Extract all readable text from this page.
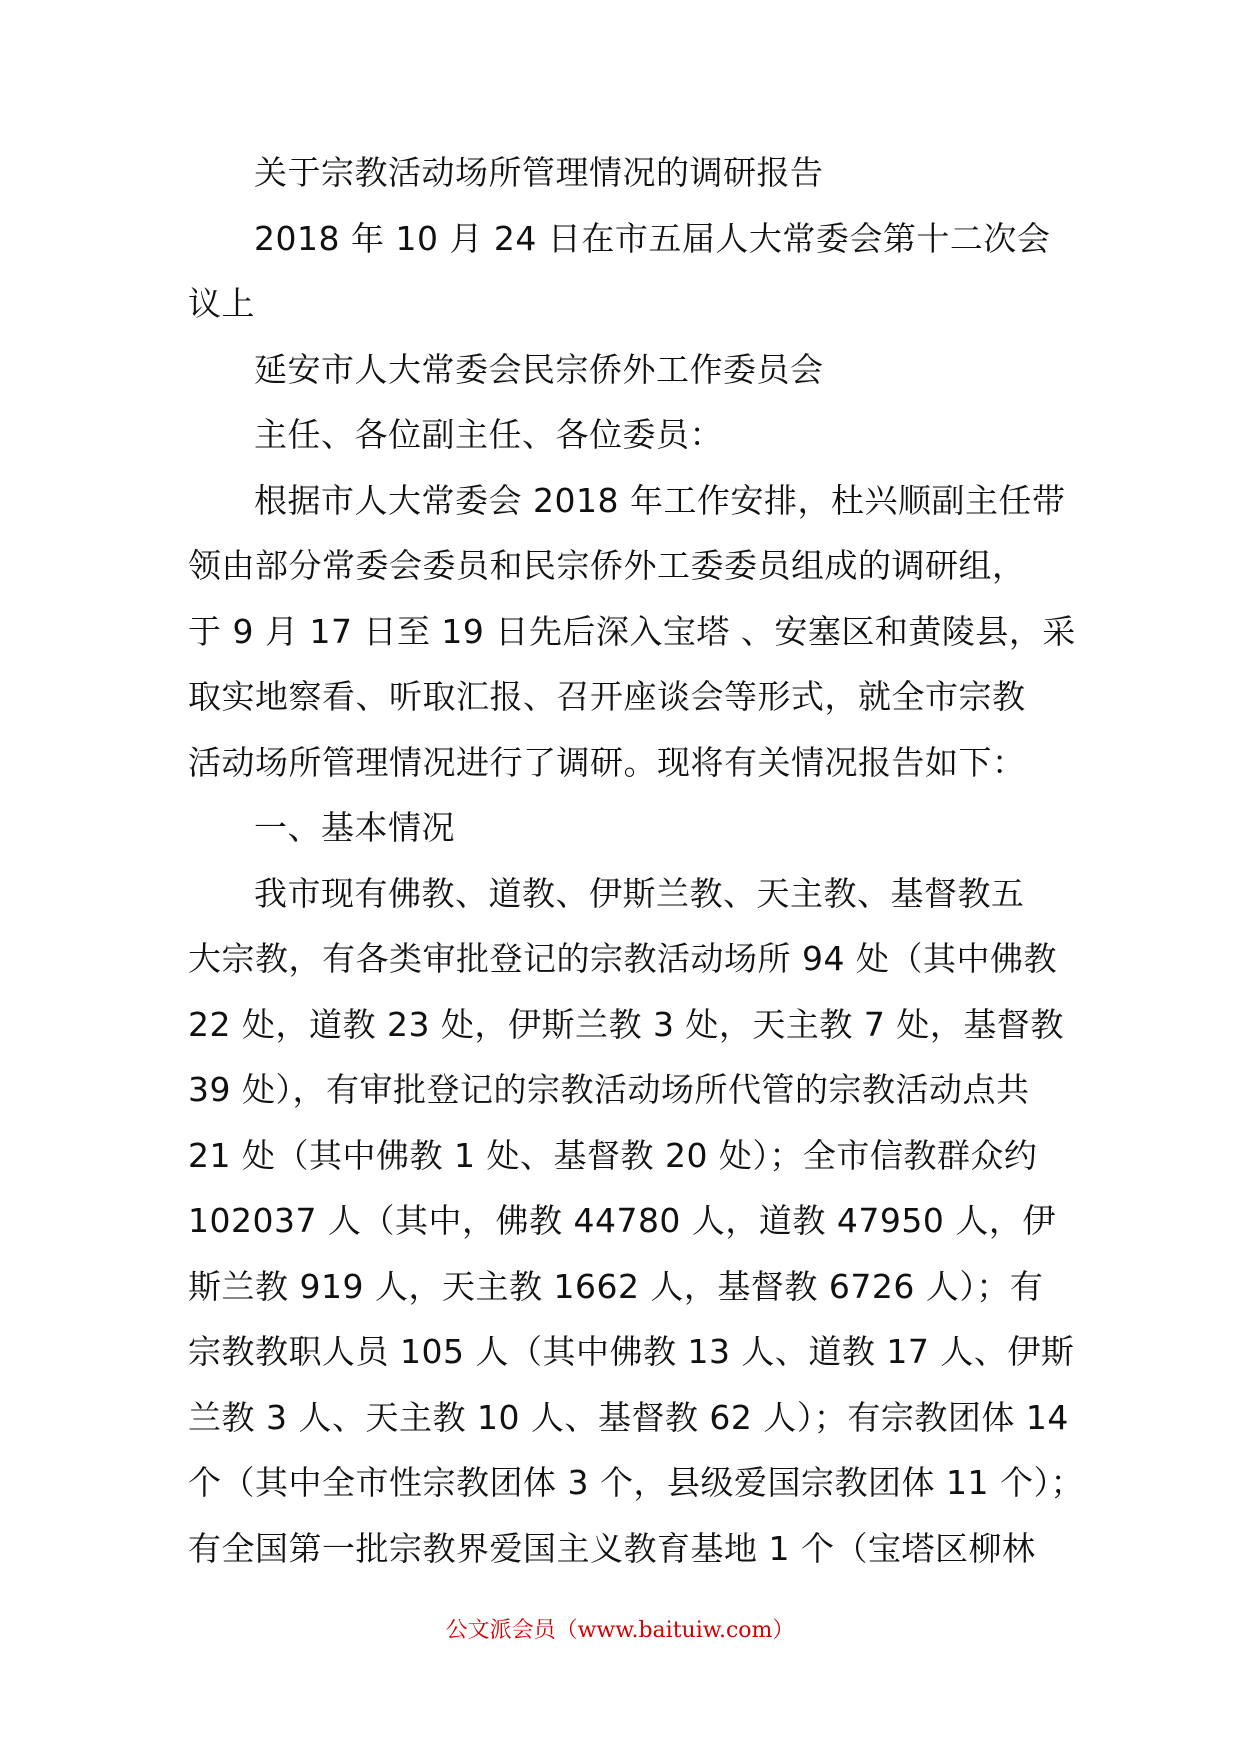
关于宗教活动场所管理情况的调研报告

2018 年 10 月 24 日在市五届人大常委会第十二次会

议上

延安市人大常委会民宗侨外工作委员会

主任、各位副主任、各位委员：

根据市人大常委会 2018 年工作安排，杜兴顺副主任带
领由部分常委会委员和民宗侨外工委委员组成的调研组，
于 9 月 17 日至 19 日先后深入宝塔 、安塞区和黄陵县，采
取实地察看、听取汇报、召开座谈会等形式，就全市宗教
活动场所管理情况进行了调研。现将有关情况报告如下：

一、基本情况

我市现有佛教、道教、伊斯兰教、天主教、基督教五
大宗教，有各类审批登记的宗教活动场所 94 处（其中佛教
22 处，道教 23 处，伊斯兰教 3 处，天主教 7 处，基督教
39 处），有审批登记的宗教活动场所代管的宗教活动点共
21 处（其中佛教 1 处、基督教 20 处）；全市信教群众约
102037 人（其中，佛教 44780 人，道教 47950 人，伊
斯兰教 919 人，天主教 1662 人，基督教 6726 人）；有
宗教教职人员 105 人（其中佛教 13 人、道教 17 人、伊斯
兰教 3 人、天主教 10 人、基督教 62 人）；有宗教团体 14
个（其中全市性宗教团体 3 个，县级爱国宗教团体 11 个）；
有全国第一批宗教界爱国主义教育基地 1 个（宝塔区柳林

公文派会员（www.baituiw.com）
